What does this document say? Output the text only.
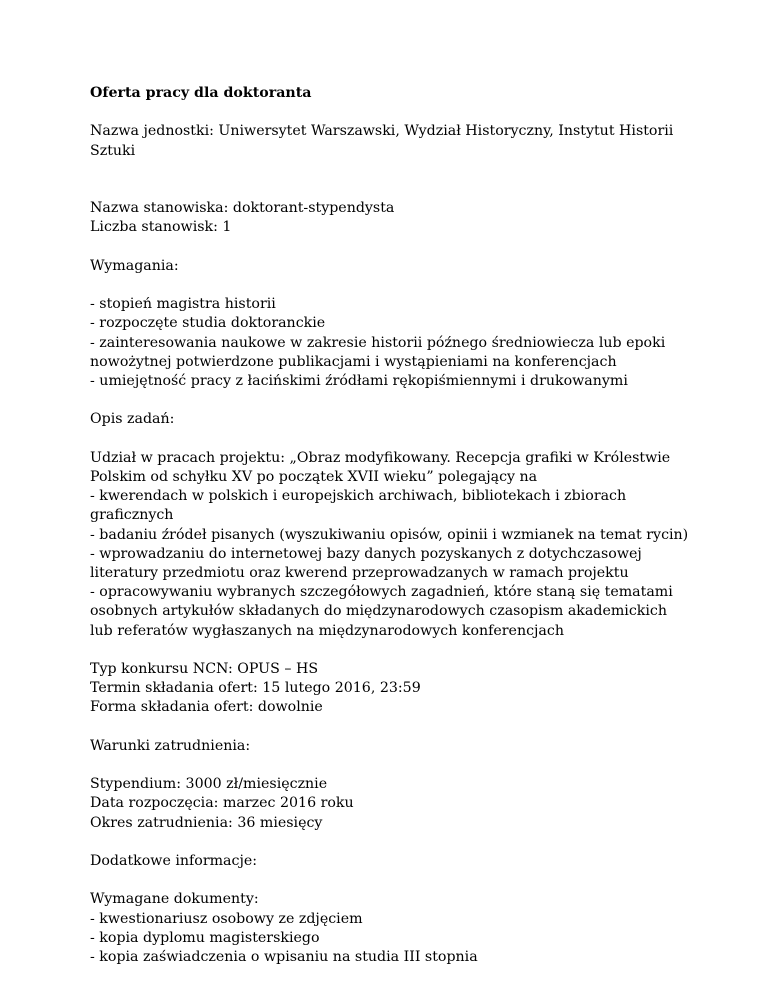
Oferta pracy dla doktoranta
Nazwa jednostki: Uniwersytet Warszawski, Wydział Historyczny, Instytut Historii
Sztuki
Nazwa stanowiska: doktorant-stypendysta
Liczba stanowisk: 1
Wymagania:
- stopień magistra historii
- rozpoczęte studia doktoranckie
- zainteresowania naukowe w zakresie historii późnego średniowiecza lub epoki
nowożytnej potwierdzone publikacjami i wystąpieniami na konferencjach
- umiejętność pracy z łacińskimi źródłami rękopiśmiennymi i drukowanymi
Opis zadań:
Udział w pracach projektu: „Obraz modyfikowany. Recepcja grafiki w Królestwie
Polskim od schyłku XV po początek XVII wieku” polegający na
- kwerendach w polskich i europejskich archiwach, bibliotekach i zbiorach
graficznych
- badaniu źródeł pisanych (wyszukiwaniu opisów, opinii i wzmianek na temat rycin)
- wprowadzaniu do internetowej bazy danych pozyskanych z dotychczasowej
literatury przedmiotu oraz kwerend przeprowadzanych w ramach projektu
- opracowywaniu wybranych szczegółowych zagadnień, które staną się tematami
osobnych artykułów składanych do międzynarodowych czasopism akademickich
lub referatów wygłaszanych na międzynarodowych konferencjach
Typ konkursu NCN: OPUS – HS
Termin składania ofert: 15 lutego 2016, 23:59
Forma składania ofert: dowolnie
Warunki zatrudnienia:
Stypendium: 3000 zł/miesięcznie
Data rozpoczęcia: marzec 2016 roku
Okres zatrudnienia: 36 miesięcy
Dodatkowe informacje:
Wymagane dokumenty:
- kwestionariusz osobowy ze zdjęciem
- kopia dyplomu magisterskiego
- kopia zaświadczenia o wpisaniu na studia III stopnia
